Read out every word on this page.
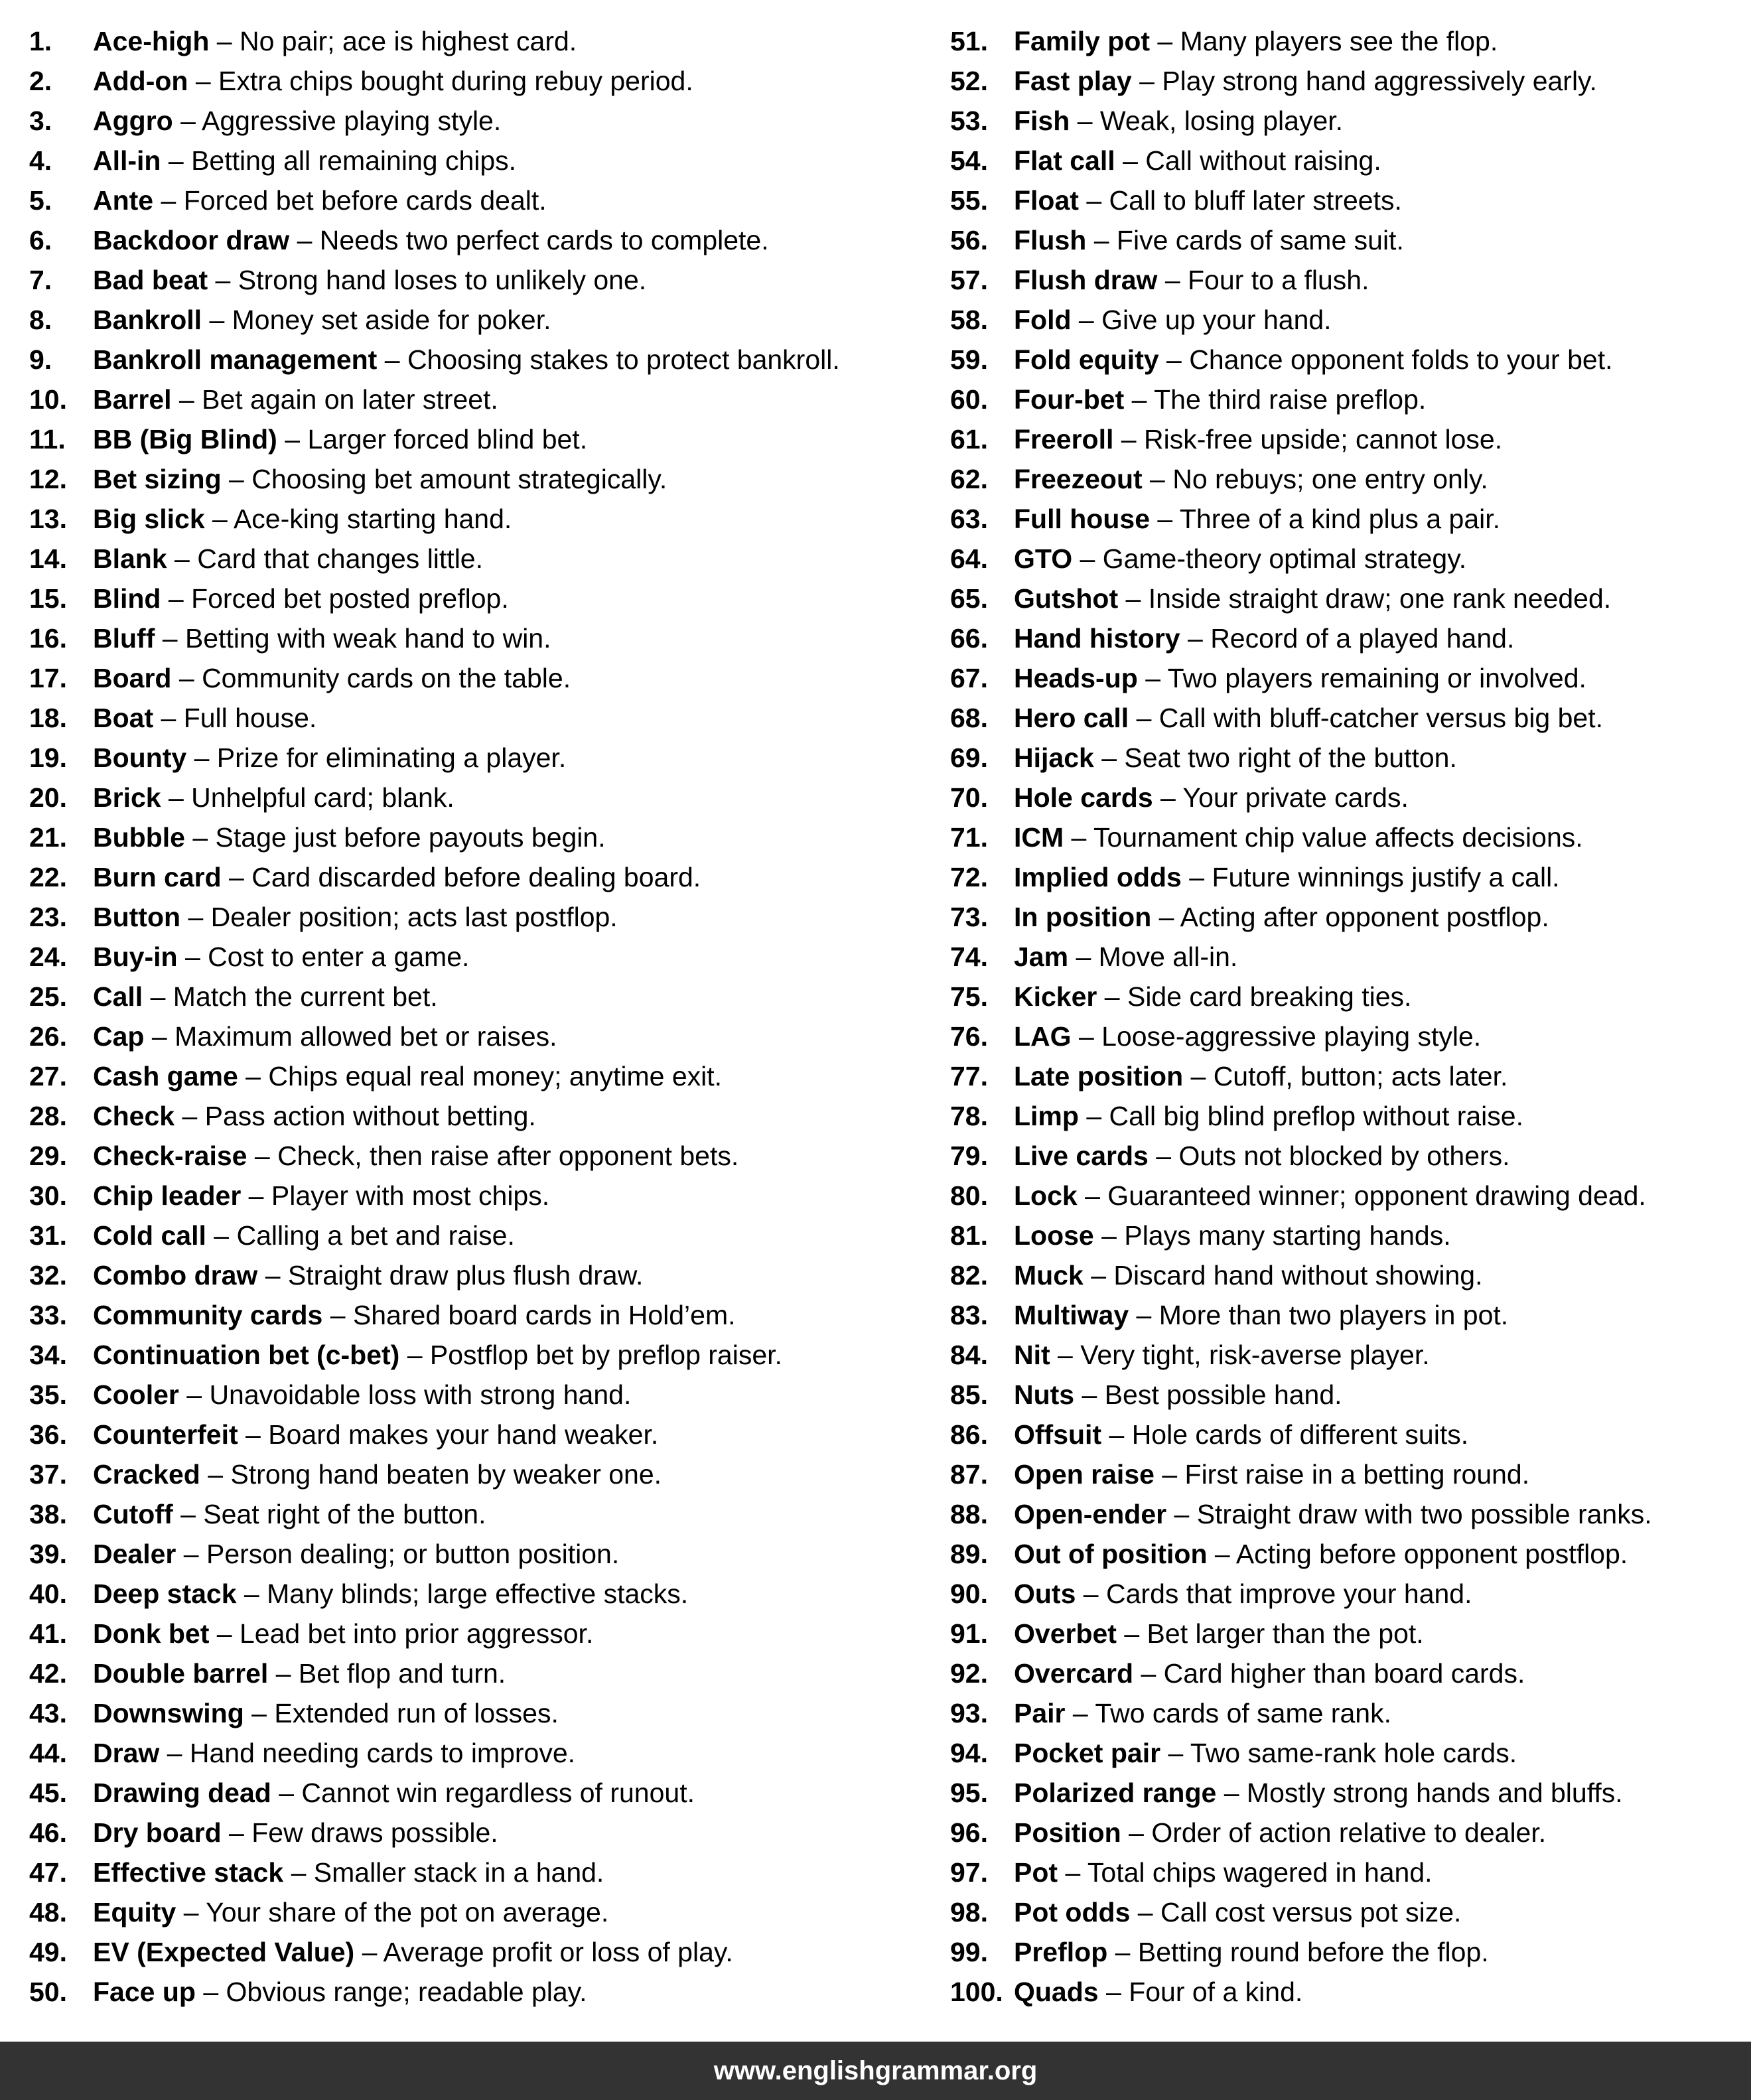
1.	Ace-high – No pair; ace is highest card.
2.	Add-on – Extra chips bought during rebuy period.
3.	Aggro – Aggressive playing style.
4.	All-in – Betting all remaining chips.
5.	Ante – Forced bet before cards dealt.
6.	Backdoor draw – Needs two perfect cards to complete.
7.	Bad beat – Strong hand loses to unlikely one.
8.	Bankroll – Money set aside for poker.
9.	Bankroll management – Choosing stakes to protect bankroll.
10. Barrel – Bet again on later street.
11.	BB (Big Blind) – Larger forced blind bet.
12. Bet sizing – Choosing bet amount strategically.
13. Big slick – Ace-king starting hand.
14. Blank – Card that changes little.
15. Blind – Forced bet posted preflop.
16. Bluff – Betting with weak hand to win.
17. Board – Community cards on the table.
18. Boat – Full house.
19. Bounty – Prize for eliminating a player.
20. Brick – Unhelpful card; blank.
21. Bubble – Stage just before payouts begin.
22. Burn card – Card discarded before dealing board.
23. Button – Dealer position; acts last postflop.
24. Buy-in – Cost to enter a game.
25. Call – Match the current bet.
26. Cap – Maximum allowed bet or raises.
27. Cash game – Chips equal real money; anytime exit.
28. Check – Pass action without betting.
29. Check-raise – Check, then raise after opponent bets.
30. Chip leader – Player with most chips.
31. Cold call – Calling a bet and raise.
32. Combo draw – Straight draw plus flush draw.
33. Community cards – Shared board cards in Hold’em.
34. Continuation bet (c-bet) – Postflop bet by preflop raiser.
35. Cooler – Unavoidable loss with strong hand.
36. Counterfeit – Board makes your hand weaker.
37. Cracked – Strong hand beaten by weaker one.
38. Cutoff – Seat right of the button.
39. Dealer – Person dealing; or button position.
40. Deep stack – Many blinds; large effective stacks.
41. Donk bet – Lead bet into prior aggressor.
42. Double barrel – Bet flop and turn.
43. Downswing – Extended run of losses.
44. Draw – Hand needing cards to improve.
45. Drawing dead – Cannot win regardless of runout.
46. Dry board – Few draws possible.
47. Effective stack – Smaller stack in a hand.
48. Equity – Your share of the pot on average.
49. EV (Expected Value) – Average profit or loss of play.
50. Face up – Obvious range; readable play.
51. Family pot – Many players see the flop.
52. Fast play – Play strong hand aggressively early.
53. Fish – Weak, losing player.
54. Flat call – Call without raising.
55. Float – Call to bluff later streets.
56. Flush – Five cards of same suit.
57. Flush draw – Four to a flush.
58. Fold – Give up your hand.
59. Fold equity – Chance opponent folds to your bet.
60. Four-bet – The third raise preflop.
61. Freeroll – Risk-free upside; cannot lose.
62. Freezeout – No rebuys; one entry only.
63. Full house – Three of a kind plus a pair.
64. GTO – Game-theory optimal strategy.
65. Gutshot – Inside straight draw; one rank needed.
66. Hand history – Record of a played hand.
67. Heads-up – Two players remaining or involved.
68. Hero call – Call with bluff-catcher versus big bet.
69. Hijack – Seat two right of the button.
70. Hole cards – Your private cards.
71. ICM – Tournament chip value affects decisions.
72. Implied odds – Future winnings justify a call.
73. In position – Acting after opponent postflop.
74. Jam – Move all-in.
75. Kicker – Side card breaking ties.
76. LAG – Loose-aggressive playing style.
77. Late position – Cutoff, button; acts later.
78. Limp – Call big blind preflop without raise.
79. Live cards – Outs not blocked by others.
80. Lock – Guaranteed winner; opponent drawing dead.
81. Loose – Plays many starting hands.
82. Muck – Discard hand without showing.
83. Multiway – More than two players in pot.
84. Nit – Very tight, risk-averse player.
85. Nuts – Best possible hand.
86. Offsuit – Hole cards of different suits.
87. Open raise – First raise in a betting round.
88. Open-ender – Straight draw with two possible ranks.
89. Out of position – Acting before opponent postflop.
90. Outs – Cards that improve your hand.
91. Overbet – Bet larger than the pot.
92. Overcard – Card higher than board cards.
93. Pair – Two cards of same rank.
94. Pocket pair – Two same-rank hole cards.
95. Polarized range – Mostly strong hands and bluffs.
96. Position – Order of action relative to dealer.
97. Pot – Total chips wagered in hand.
98. Pot odds – Call cost versus pot size.
99. Preflop – Betting round before the flop.
100. Quads – Four of a kind.
www.englishgrammar.org
